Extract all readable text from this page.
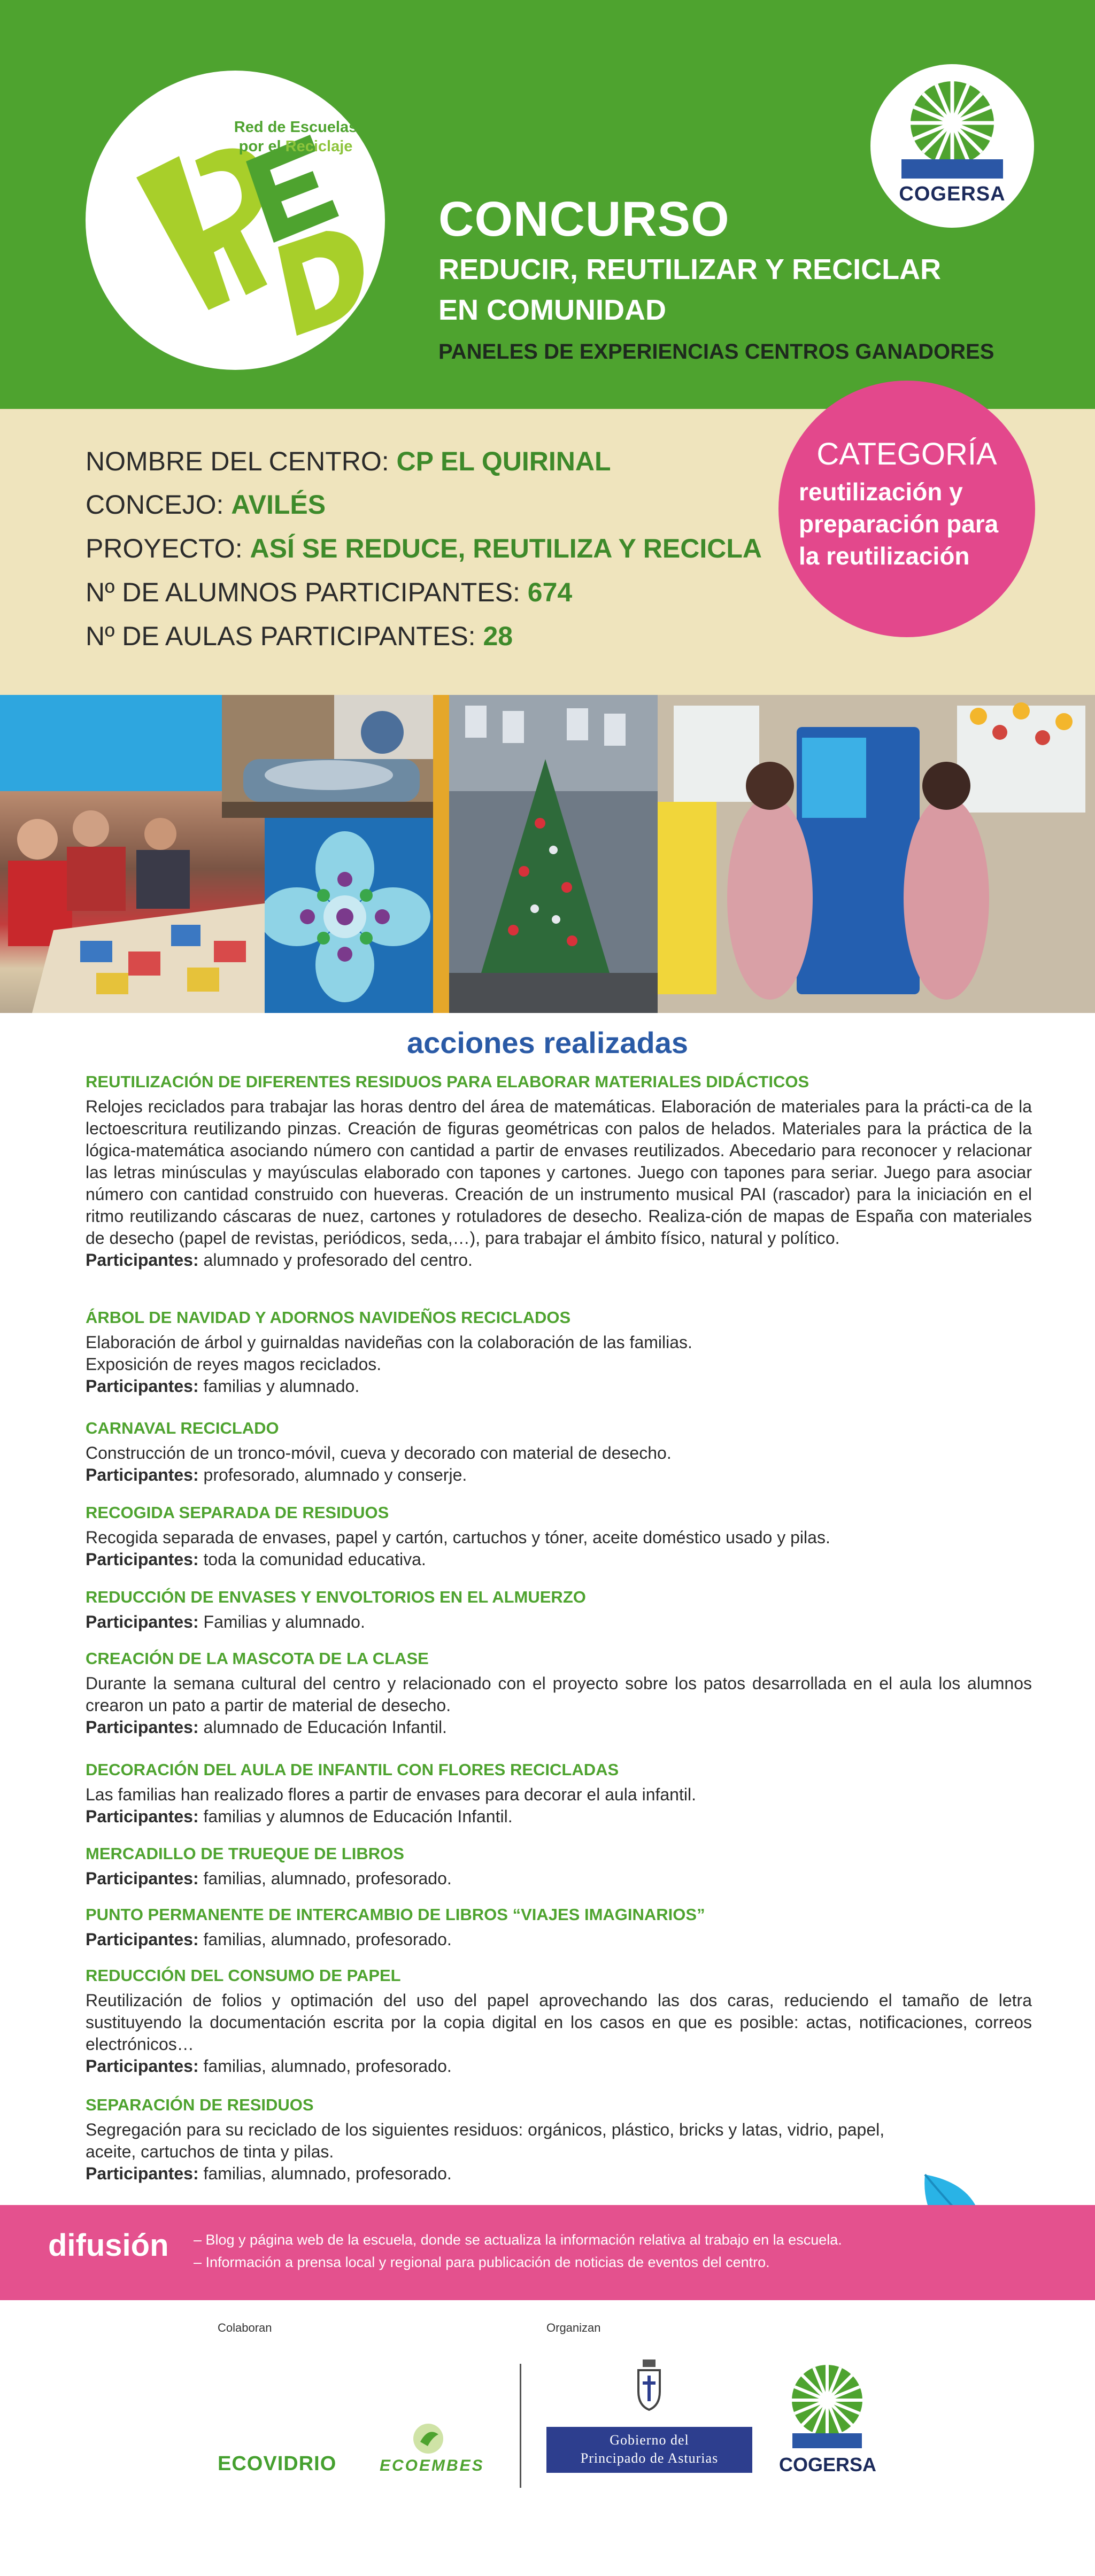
Red de Escuelas
por el Reciclaje
COGERSA
CONCURSO
REDUCIR, REUTILIZAR Y RECICLAR
EN COMUNIDAD
PANELES DE EXPERIENCIAS CENTROS GANADORES
NOMBRE DEL CENTRO: CP EL QUIRINAL
CONCEJO: AVILÉS
PROYECTO: ASÍ SE REDUCE, REUTILIZA Y RECICLA
Nº DE ALUMNOS PARTICIPANTES: 674
Nº DE AULAS PARTICIPANTES: 28
CATEGORÍA
reutilización y
preparación para
la reutilización
acciones realizadas
REUTILIZACIÓN DE DIFERENTES RESIDUOS PARA ELABORAR MATERIALES DIDÁCTICOS
Relojes reciclados para trabajar las horas dentro del área de matemáticas. Elaboración de materiales para la prácti-ca de la lectoescritura reutilizando pinzas. Creación de figuras geométricas con palos de helados. Materiales para la práctica de la lógica-matemática asociando número con cantidad a partir de envases reutilizados. Abecedario para reconocer y relacionar las letras minúsculas y mayúsculas elaborado con tapones y cartones. Juego con tapones para seriar. Juego para asociar número con cantidad construido con hueveras. Creación de un instrumento musical PAI (rascador) para la iniciación en el ritmo reutilizando cáscaras de nuez, cartones y rotuladores de desecho. Realiza-ción de mapas de España con materiales de desecho (papel de revistas, periódicos, seda,…), para trabajar el ámbito físico, natural y político.
Participantes: alumnado y profesorado del centro.
ÁRBOL DE NAVIDAD Y ADORNOS NAVIDEÑOS RECICLADOS
Elaboración de árbol y guirnaldas navideñas con la colaboración de las familias.
Exposición de reyes magos reciclados.
Participantes: familias y alumnado.
CARNAVAL RECICLADO
Construcción de un tronco-móvil, cueva y decorado con material de desecho.
Participantes: profesorado, alumnado y conserje.
RECOGIDA SEPARADA DE RESIDUOS
Recogida separada de envases, papel y cartón, cartuchos y tóner, aceite doméstico usado y pilas.
Participantes: toda la comunidad educativa.
REDUCCIÓN DE ENVASES Y ENVOLTORIOS EN EL ALMUERZO
Participantes: Familias y alumnado.
CREACIÓN DE LA MASCOTA DE LA CLASE
Durante la semana cultural del centro y relacionado con el proyecto sobre los patos desarrollada en el aula los alumnos crearon un pato a partir de material de desecho.
Participantes: alumnado de Educación Infantil.
DECORACIÓN DEL AULA DE INFANTIL CON FLORES RECICLADAS
Las familias han realizado flores a partir de envases para decorar el aula infantil.
Participantes: familias y alumnos de Educación Infantil.
MERCADILLO DE TRUEQUE DE LIBROS
Participantes: familias, alumnado, profesorado.
PUNTO PERMANENTE DE INTERCAMBIO DE LIBROS “VIAJES IMAGINARIOS”
Participantes: familias, alumnado, profesorado.
REDUCCIÓN DEL CONSUMO DE PAPEL
Reutilización de folios y optimación del uso del papel aprovechando las dos caras, reduciendo el tamaño de letra sustituyendo la documentación escrita por la copia digital en los casos en que es posible: actas, notificaciones, correos electrónicos…
Participantes: familias, alumnado, profesorado.
SEPARACIÓN DE RESIDUOS
Segregación para su reciclado de los siguientes residuos: orgánicos, plástico, bricks y latas, vidrio, papel,
aceite, cartuchos de tinta y pilas.
Participantes: familias, alumnado, profesorado.
difusión – Blog y página web de la escuela, donde se actualiza la información relativa al trabajo en la escuela.
– Información a prensa local y regional para publicación de noticias de eventos del centro.
Colaboran	Organizan
ECOVIDRIO	ECOEMBES
Gobierno del
Principado de Asturias	COGERSA
